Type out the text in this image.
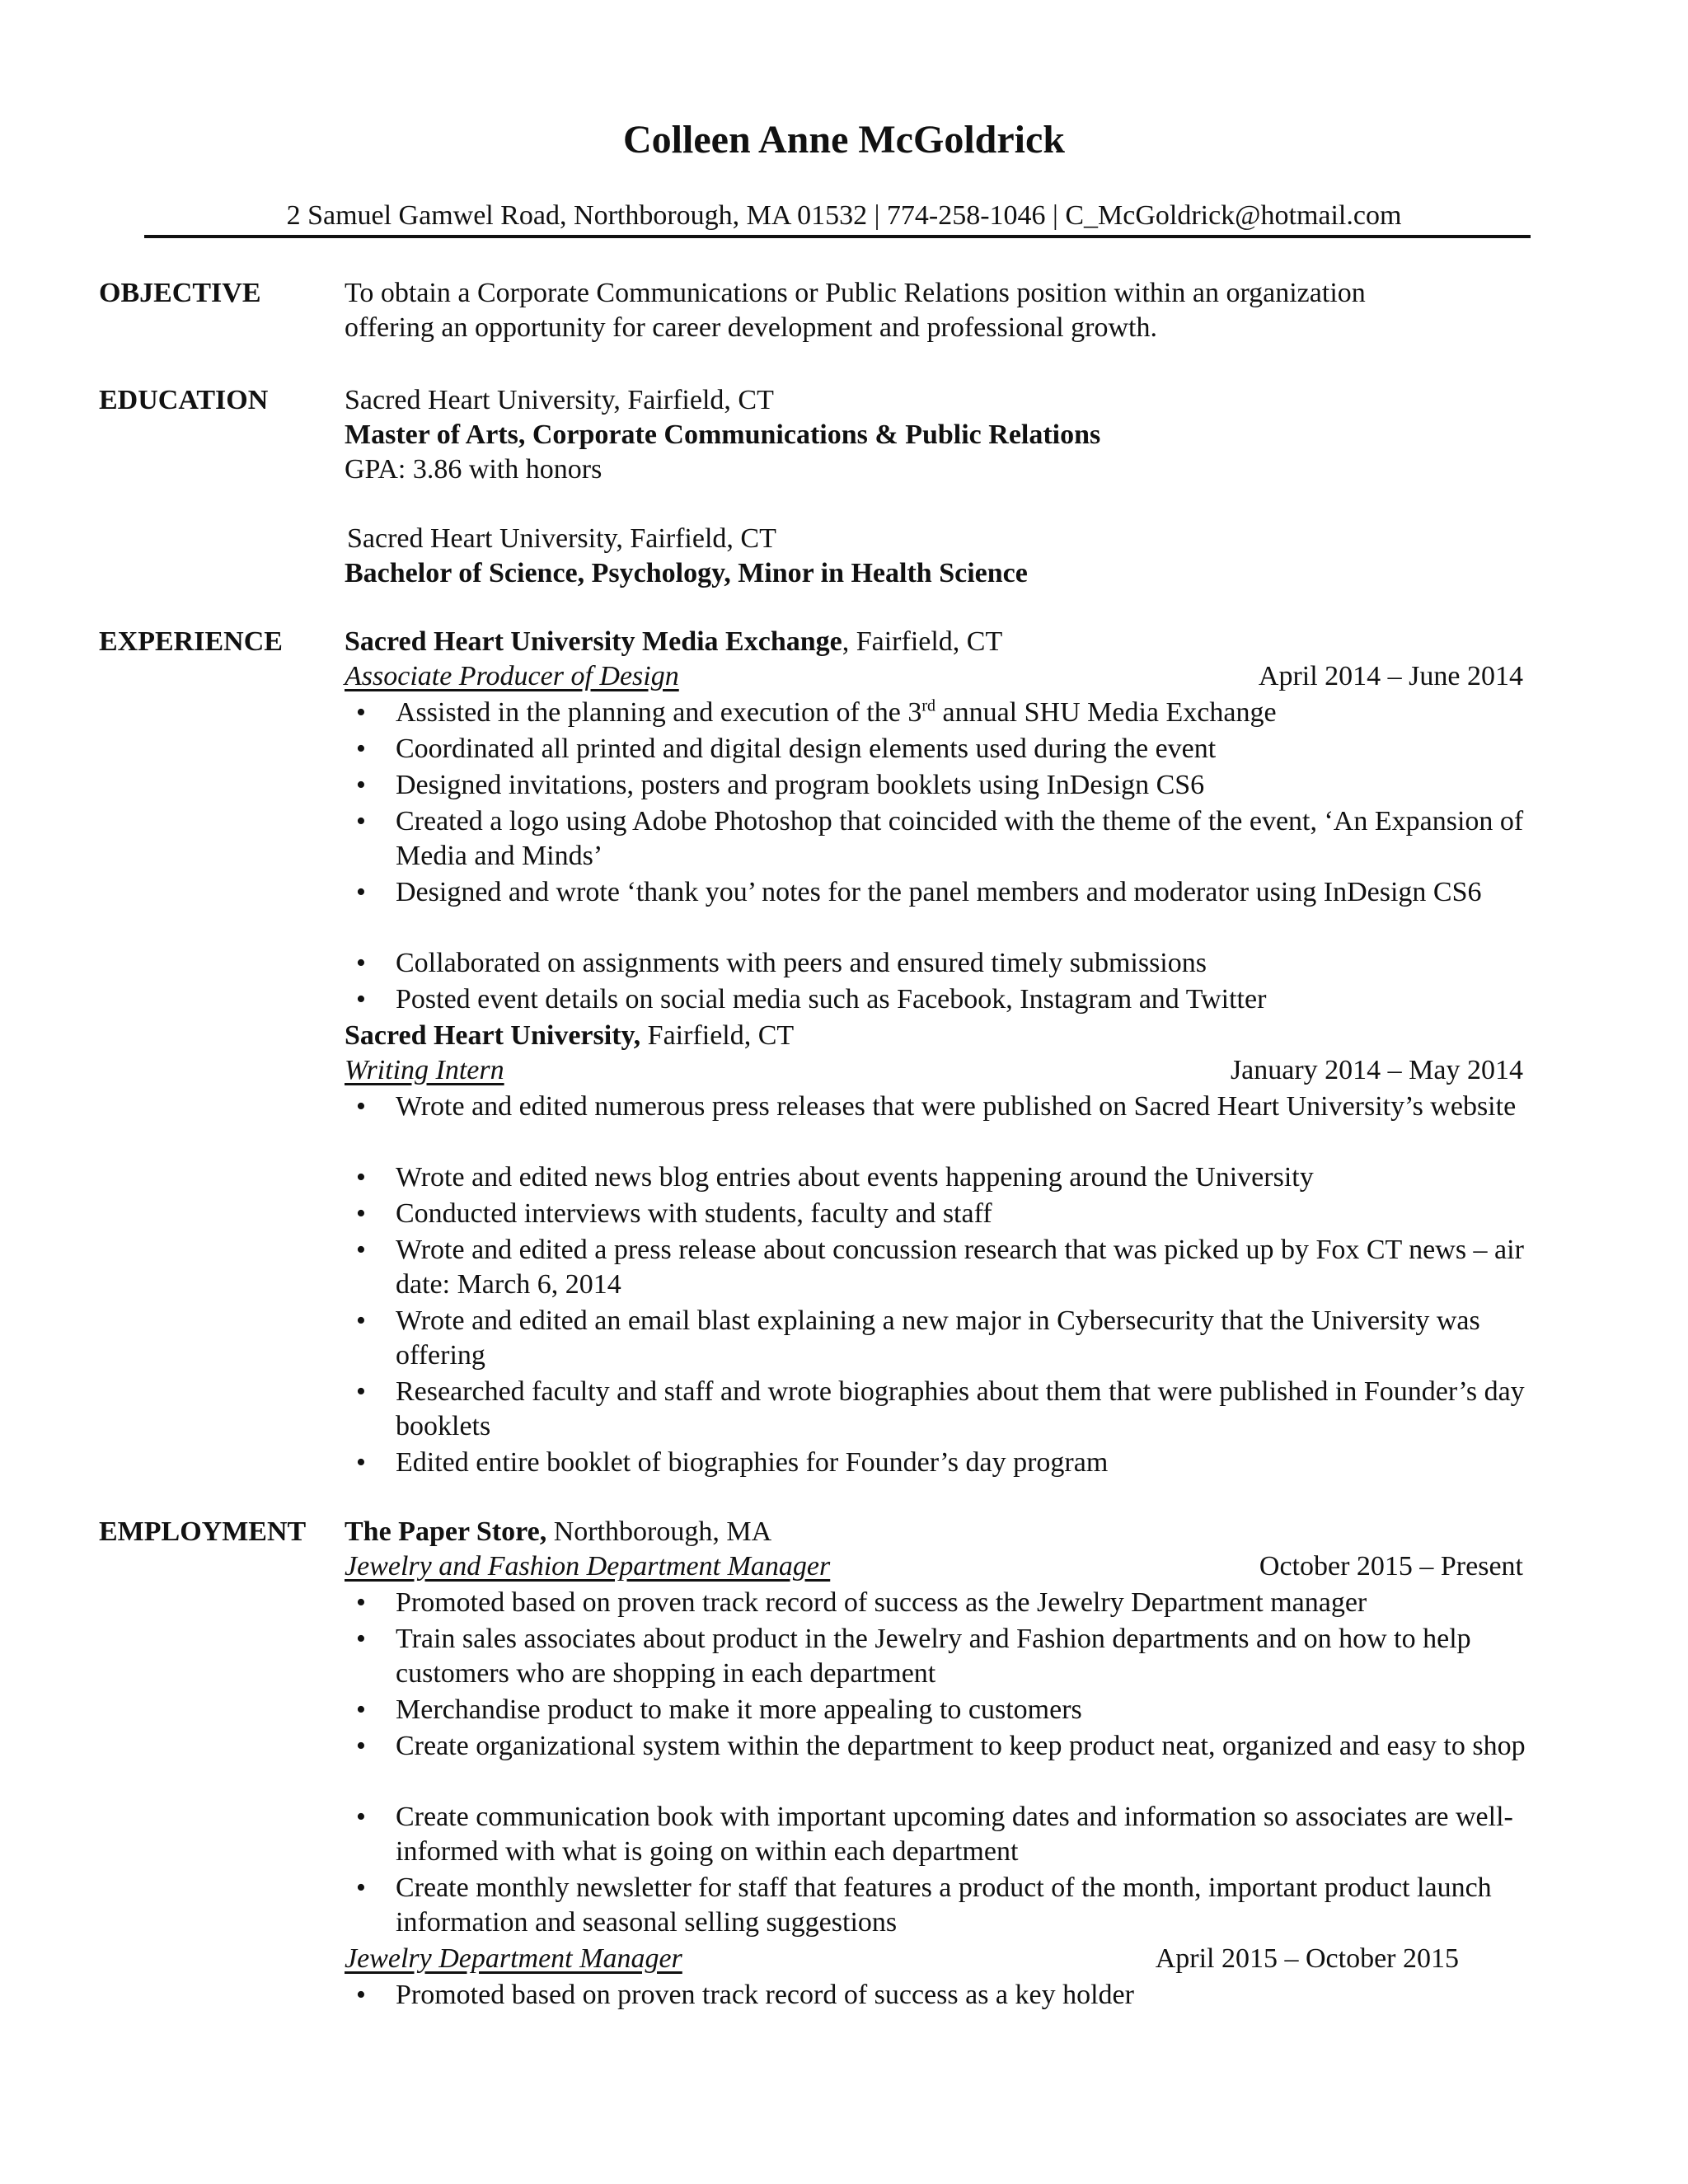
Colleen Anne McGoldrick
2 Samuel Gamwel Road, Northborough, MA 01532 | 774-258-1046 | C_McGoldrick@hotmail.com
OBJECTIVE	To obtain a Corporate Communications or Public Relations position within an organization
offering an opportunity for career development and professional growth.
EDUCATION	Sacred Heart University, Fairfield, CT
Master of Arts, Corporate Communications & Public Relations
GPA: 3.86 with honors
Sacred Heart University, Fairfield, CT
Bachelor of Science, Psychology, Minor in Health Science
EXPERIENCE Sacred Heart University Media Exchange, Fairfield, CT
Associate Producer of Design	April 2014 – June 2014
•	Assisted in the planning and execution of the 3rd annual SHU Media Exchange
•	Coordinated all printed and digital design elements used during the event
•	Designed invitations, posters and program booklets using InDesign CS6
•	Created a logo using Adobe Photoshop that coincided with the theme of the event, ‘An Expansion of Media and Minds’
•	Designed and wrote ‘thank you’ notes for the panel members and moderator using InDesign CS6
•	Collaborated on assignments with peers and ensured timely submissions
•	Posted event details on social media such as Facebook, Instagram and Twitter
Sacred Heart University, Fairfield, CT
Writing Intern	January 2014 – May 2014
•	Wrote and edited numerous press releases that were published on Sacred Heart University’s website
•	Wrote and edited news blog entries about events happening around the University
•	Conducted interviews with students, faculty and staff
•	Wrote and edited a press release about concussion research that was picked up by Fox CT news – air date: March 6, 2014
•	Wrote and edited an email blast explaining a new major in Cybersecurity that the University was offering
•	Researched faculty and staff and wrote biographies about them that were published in Founder’s day booklets
•	Edited entire booklet of biographies for Founder’s day program
EMPLOYMENT The Paper Store, Northborough, MA
Jewelry and Fashion Department Manager	October 2015 – Present
•	Promoted based on proven track record of success as the Jewelry Department manager
•	Train sales associates about product in the Jewelry and Fashion departments and on how to help customers who are shopping in each department
•	Merchandise product to make it more appealing to customers
•	Create organizational system within the department to keep product neat, organized and easy to shop
•	Create communication book with important upcoming dates and information so associates are well-informed with what is going on within each department
•	Create monthly newsletter for staff that features a product of the month, important product launch information and seasonal selling suggestions
Jewelry Department Manager	April 2015 – October 2015
•	Promoted based on proven track record of success as a key holder
